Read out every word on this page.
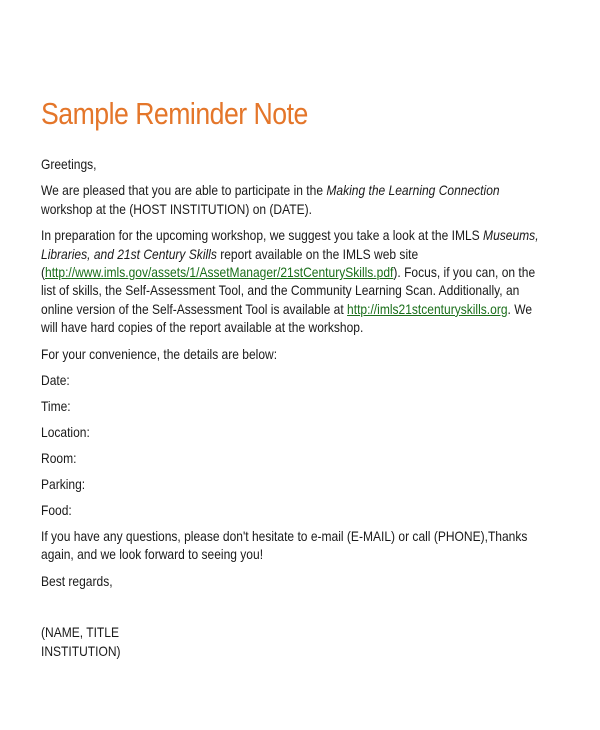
Sample Reminder Note

Greetings,

We are pleased that you are able to participate in the Making the Learning Connection workshop at the (HOST INSTITUTION) on (DATE).

In preparation for the upcoming workshop, we suggest you take a look at the IMLS Museums, Libraries, and 21st Century Skills report available on the IMLS web site (http://www.imls.gov/assets/1/AssetManager/21stCenturySkills.pdf). Focus, if you can, on the list of skills, the Self-Assessment Tool, and the Community Learning Scan. Additionally, an online version of the Self-Assessment Tool is available at http://imls21stcenturyskills.org. We will have hard copies of the report available at the workshop.

For your convenience, the details are below:

Date:

Time:

Location:

Room:

Parking:

Food:

If you have any questions, please don't hesitate to e-mail (E-MAIL) or call (PHONE),Thanks again, and we look forward to seeing you!

Best regards,

(NAME, TITLE

INSTITUTION)
